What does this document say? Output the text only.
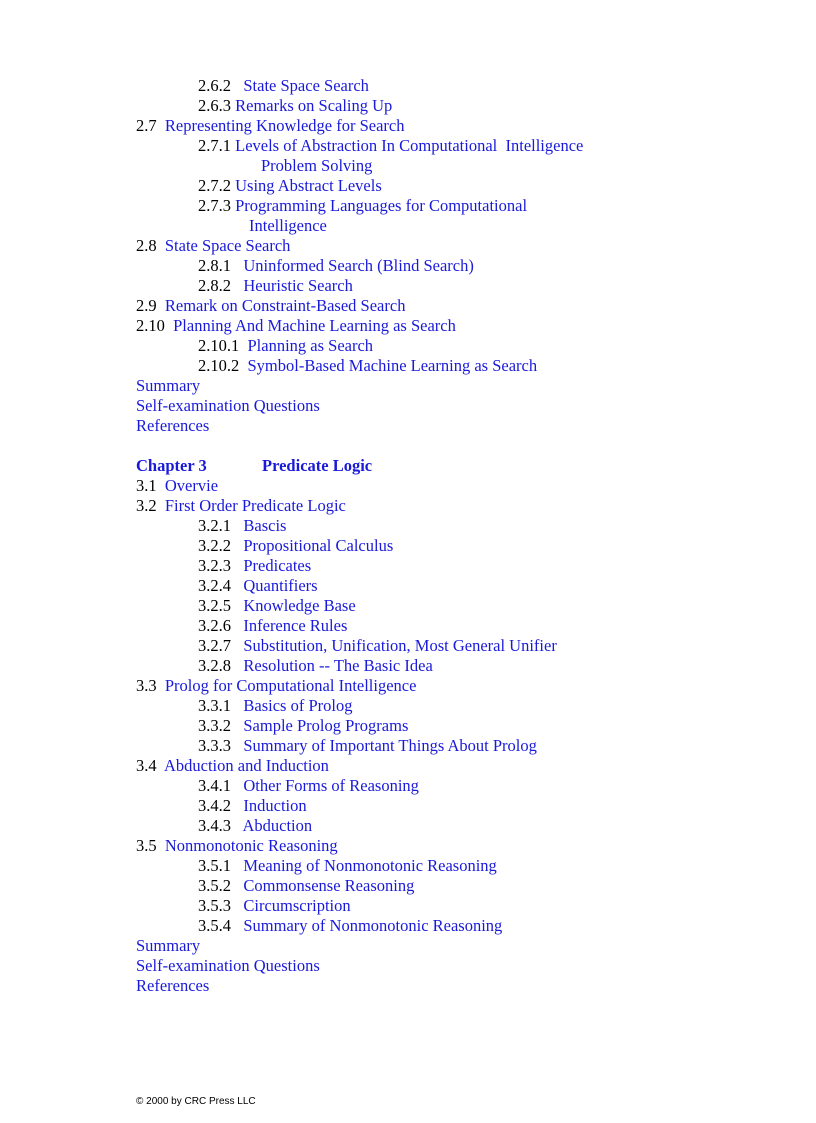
2.6.2 State Space Search
2.6.3 Remarks on Scaling Up
2.7 Representing Knowledge for Search
2.7.1 Levels of Abstraction In Computational  Intelligence
Problem Solving
2.7.2 Using Abstract Levels
2.7.3 Programming Languages for Computational
Intelligence
2.8 State Space Search
2.8.1 Uninformed Search (Blind Search)
2.8.2 Heuristic Search
2.9 Remark on Constraint-Based Search
2.10 Planning And Machine Learning as Search
2.10.1 Planning as Search
2.10.2 Symbol-Based Machine Learning as Search
Summary
Self-examination Questions
References
Chapter 3	Predicate Logic
3.1 Overvie
3.2 First Order Predicate Logic
3.2.1 Bascis
3.2.2 Propositional Calculus
3.2.3 Predicates
3.2.4 Quantifiers
3.2.5 Knowledge Base
3.2.6 Inference Rules
3.2.7 Substitution, Unification, Most General Unifier
3.2.8 Resolution -- The Basic Idea
3.3 Prolog for Computational Intelligence
3.3.1 Basics of Prolog
3.3.2 Sample Prolog Programs
3.3.3 Summary of Important Things About Prolog
3.4 Abduction and Induction
3.4.1 Other Forms of Reasoning
3.4.2 Induction
3.4.3 Abduction
3.5 Nonmonotonic Reasoning
3.5.1 Meaning of Nonmonotonic Reasoning
3.5.2 Commonsense Reasoning
3.5.3 Circumscription
3.5.4 Summary of Nonmonotonic Reasoning
Summary
Self-examination Questions
References
© 2000 by CRC Press LLC
